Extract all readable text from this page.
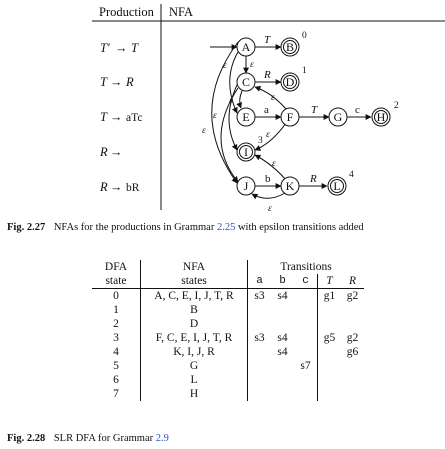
Production NFA
T′ → T
T → R
T → aTc
R →
R → bR
T
R
a	T	c
b	R
ε
ε
ε
ε
ε
ε	ε
ε
ε
A	B
C	D
E	F	G	H
I
J	K	L
0
1
2
3
4
Fig. 2.27 NFAs for the productions in Grammar 2.25 with epsilon transitions added
DFA	NFA	Transitions				
state	states	a	b	c	T	R
0	A, C, E, I, J, T, R	s3	s4		g1	g2
1	B					
2	D					
3	F, C, E, I, J, T, R	s3	s4		g5	g2
4	K, I, J, R		s4			g6
5	G			s7		
6	L					
7	H					
Fig. 2.28 SLR DFA for Grammar 2.9
